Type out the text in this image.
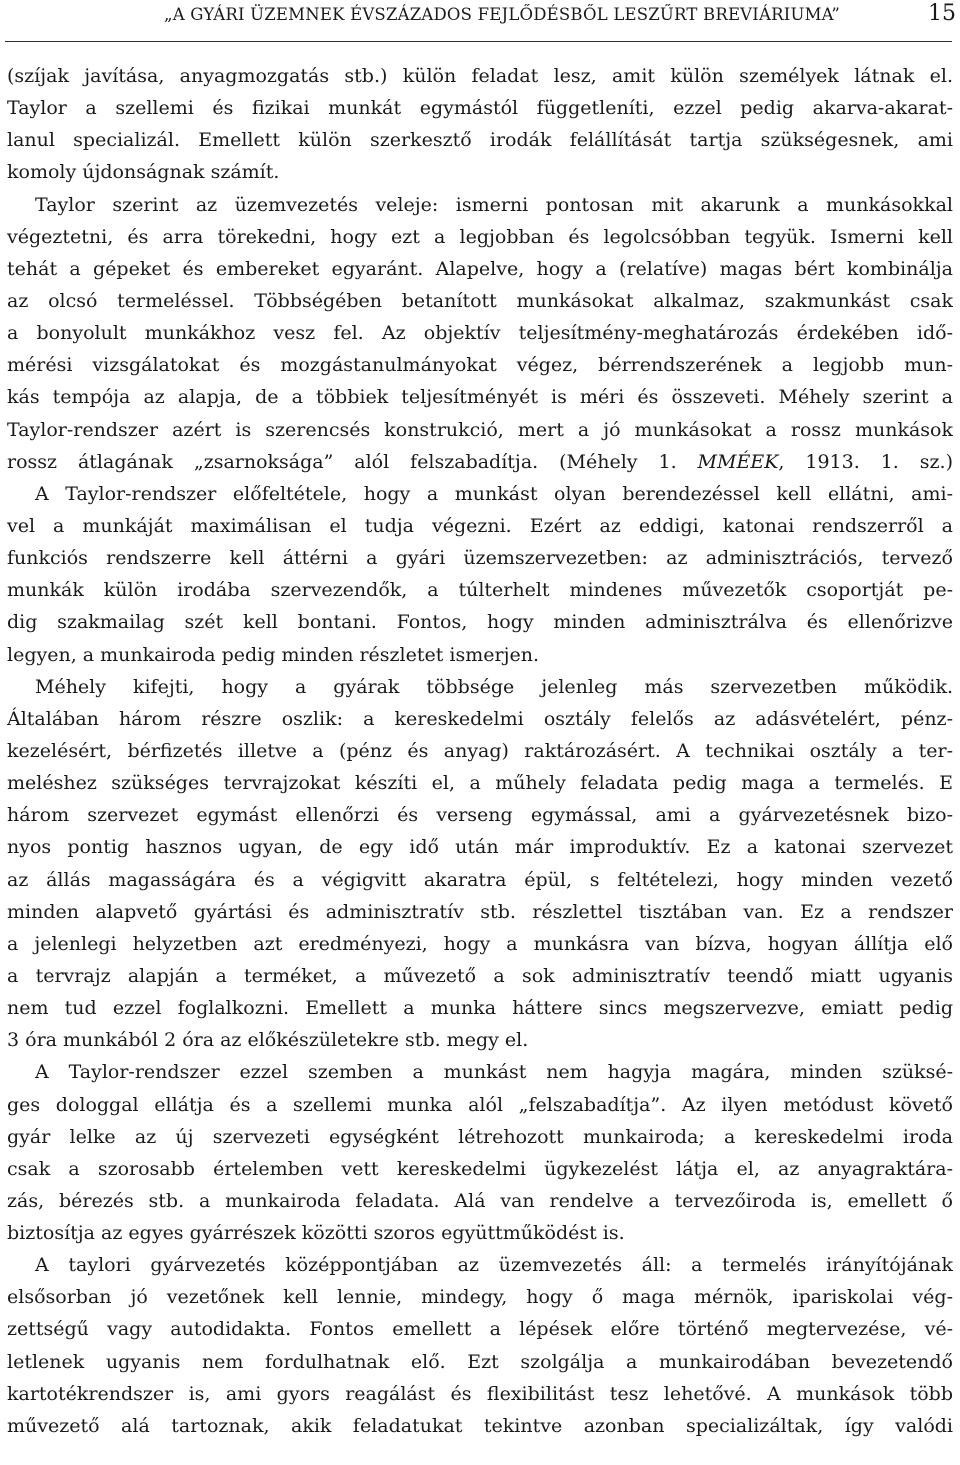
„A GYÁRI ÜZEMNEK ÉVSZÁZADOS FEJLŐDÉSBŐL LESZŰRT BREVIÁRIUMA”	15
(szíjak javítása, anyagmozgatás stb.) külön feladat lesz, amit külön személyek látnak el.
Taylor a szellemi és fizikai munkát egymástól függetleníti, ezzel pedig akarva-akarat-
lanul specializál. Emellett külön szerkesztő irodák felállítását tartja szükségesnek, ami
komoly újdonságnak számít.
Taylor szerint az üzemvezetés veleje: ismerni pontosan mit akarunk a munkásokkal
végeztetni, és arra törekedni, hogy ezt a legjobban és legolcsóbban tegyük. Ismerni kell
tehát a gépeket és embereket egyaránt. Alapelve, hogy a (relatíve) magas bért kombinálja
az olcsó termeléssel. Többségében betanított munkásokat alkalmaz, szakmunkást csak
a bonyolult munkákhoz vesz fel. Az objektív teljesítmény-meghatározás érdekében idő-
mérési vizsgálatokat és mozgástanulmányokat végez, bérrendszerének a legjobb mun-
kás tempója az alapja, de a többiek teljesítményét is méri és összeveti. Méhely szerint a
Taylor-rendszer azért is szerencsés konstrukció, mert a jó munkásokat a rossz munkások
rossz átlagának „zsarnoksága” alól felszabadítja. (Méhely 1. MMÉEK, 1913. 1. sz.)
A Taylor-rendszer előfeltétele, hogy a munkást olyan berendezéssel kell ellátni, ami-
vel a munkáját maximálisan el tudja végezni. Ezért az eddigi, katonai rendszerről a
funkciós rendszerre kell áttérni a gyári üzemszervezetben: az adminisztrációs, tervező
munkák külön irodába szervezendők, a túlterhelt mindenes művezetők csoportját pe-
dig szakmailag szét kell bontani. Fontos, hogy minden adminisztrálva és ellenőrizve
legyen, a munkairoda pedig minden részletet ismerjen.
Méhely kifejti, hogy a gyárak többsége jelenleg más szervezetben működik.
Általában három részre oszlik: a kereskedelmi osztály felelős az adásvételért, pénz-
kezelésért, bérfizetés illetve a (pénz és anyag) raktározásért. A technikai osztály a ter-
meléshez szükséges tervrajzokat készíti el, a műhely feladata pedig maga a termelés. E
három szervezet egymást ellenőrzi és verseng egymással, ami a gyárvezetésnek bizo-
nyos pontig hasznos ugyan, de egy idő után már improduktív. Ez a katonai szervezet
az állás magasságára és a végigvitt akaratra épül, s feltételezi, hogy minden vezető
minden alapvető gyártási és adminisztratív stb. részlettel tisztában van. Ez a rendszer
a jelenlegi helyzetben azt eredményezi, hogy a munkásra van bízva, hogyan állítja elő
a tervrajz alapján a terméket, a művezető a sok adminisztratív teendő miatt ugyanis
nem tud ezzel foglalkozni. Emellett a munka háttere sincs megszervezve, emiatt pedig
3 óra munkából 2 óra az előkészületekre stb. megy el.
A Taylor-rendszer ezzel szemben a munkást nem hagyja magára, minden szüksé-
ges dologgal ellátja és a szellemi munka alól „felszabadítja”. Az ilyen metódust követő
gyár lelke az új szervezeti egységként létrehozott munkairoda; a kereskedelmi iroda
csak a szorosabb értelemben vett kereskedelmi ügykezelést látja el, az anyagraktára-
zás, bérezés stb. a munkairoda feladata. Alá van rendelve a tervezőiroda is, emellett ő
biztosítja az egyes gyárrészek közötti szoros együttműködést is.
A taylori gyárvezetés középpontjában az üzemvezetés áll: a termelés irányítójának
elsősorban jó vezetőnek kell lennie, mindegy, hogy ő maga mérnök, ipariskolai vég-
zettségű vagy autodidakta. Fontos emellett a lépések előre történő megtervezése, vé-
letlenek ugyanis nem fordulhatnak elő. Ezt szolgálja a munkairodában bevezetendő
kartotékrendszer is, ami gyors reagálást és flexibilitást tesz lehetővé. A munkások több
művezető alá tartoznak, akik feladatukat tekintve azonban specializáltak, így valódi
